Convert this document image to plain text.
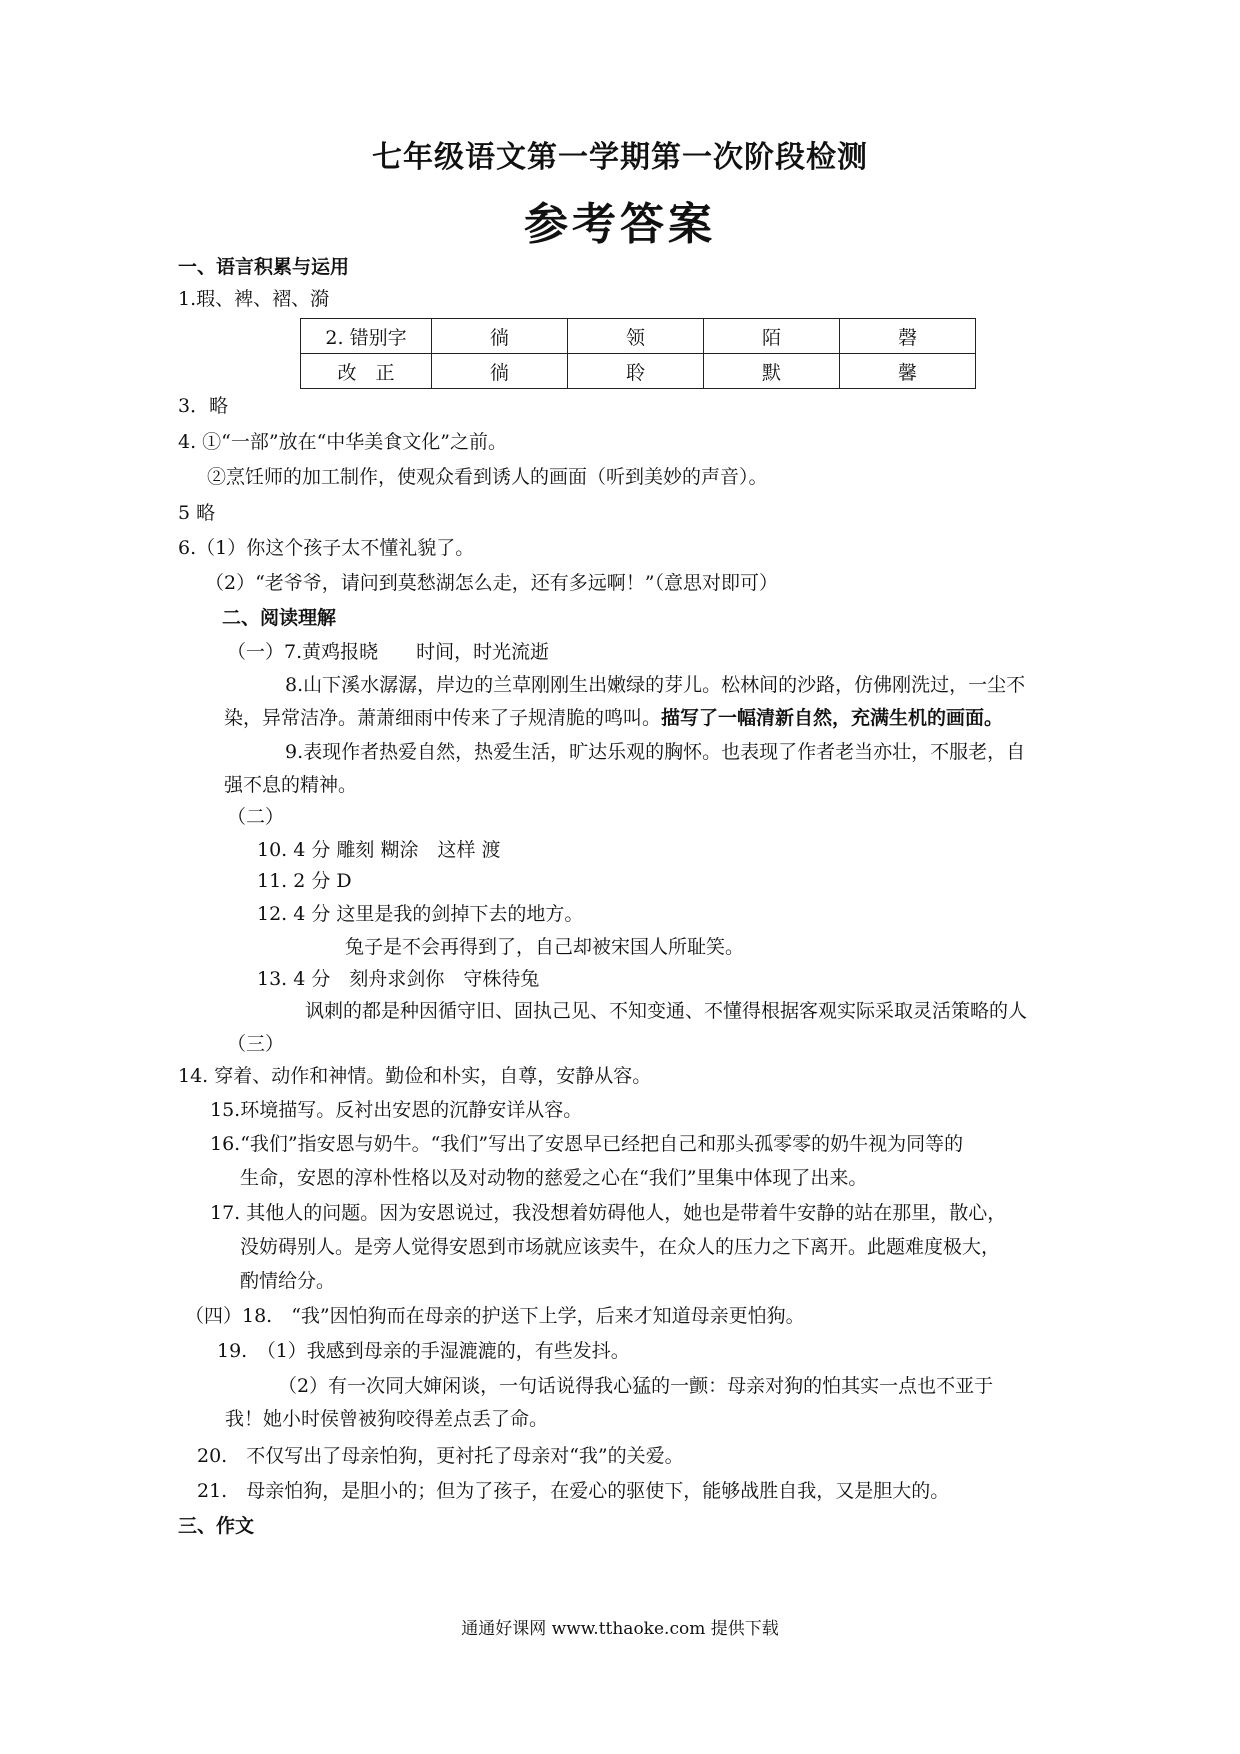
七年级语文第一学期第一次阶段检测
参考答案
一、语言积累与运用
1.瑕、裨、褶、漪
2. 错别字	徜	领	陌	磬
改　正	徜	聆	默	馨
3．略
4. ①“一部”放在“中华美食文化”之前。
②烹饪师的加工制作，使观众看到诱人的画面（听到美妙的声音）。
5 略
6.（1）你这个孩子太不懂礼貌了。
（2）“老爷爷，请问到莫愁湖怎么走，还有多远啊！”（意思对即可）
二、阅读理解
（一）7.黄鸡报晓　　时间，时光流逝
8.山下溪水潺潺，岸边的兰草刚刚生出嫩绿的芽儿。松林间的沙路，仿佛刚洗过，一尘不
染，异常洁净。萧萧细雨中传来了子规清脆的鸣叫。描写了一幅清新自然，充满生机的画面。
9.表现作者热爱自然，热爱生活，旷达乐观的胸怀。也表现了作者老当亦壮，不服老，自
强不息的精神。
（二）
10. 4 分 雕刻 糊涂　这样 渡
11. 2 分 D
12. 4 分 这里是我的剑掉下去的地方。
兔子是不会再得到了，自己却被宋国人所耻笑。
13. 4 分　刻舟求剑你　守株待兔
讽刺的都是种因循守旧、固执己见、不知变通、不懂得根据客观实际采取灵活策略的人
（三）
14. 穿着、动作和神情。勤俭和朴实，自尊，安静从容。
15.环境描写。反衬出安恩的沉静安详从容。
16.“我们”指安恩与奶牛。“我们”写出了安恩早已经把自己和那头孤零零的奶牛视为同等的
生命，安恩的淳朴性格以及对动物的慈爱之心在“我们”里集中体现了出来。
17. 其他人的问题。因为安恩说过，我没想着妨碍他人，她也是带着牛安静的站在那里，散心，
没妨碍别人。是旁人觉得安恩到市场就应该卖牛，在众人的压力之下离开。此题难度极大，
酌情给分。
（四）18.　“我”因怕狗而在母亲的护送下上学，后来才知道母亲更怕狗。
19.　（1）我感到母亲的手湿漉漉的，有些发抖。
（2）有一次同大婶闲谈，一句话说得我心猛的一颤：母亲对狗的怕其实一点也不亚于
我！她小时侯曾被狗咬得差点丢了命。
20.　不仅写出了母亲怕狗，更衬托了母亲对“我”的关爱。
21.　母亲怕狗，是胆小的；但为了孩子，在爱心的驱使下，能够战胜自我，又是胆大的。
三、作文
通通好课网 www.tthaoke.com 提供下载
